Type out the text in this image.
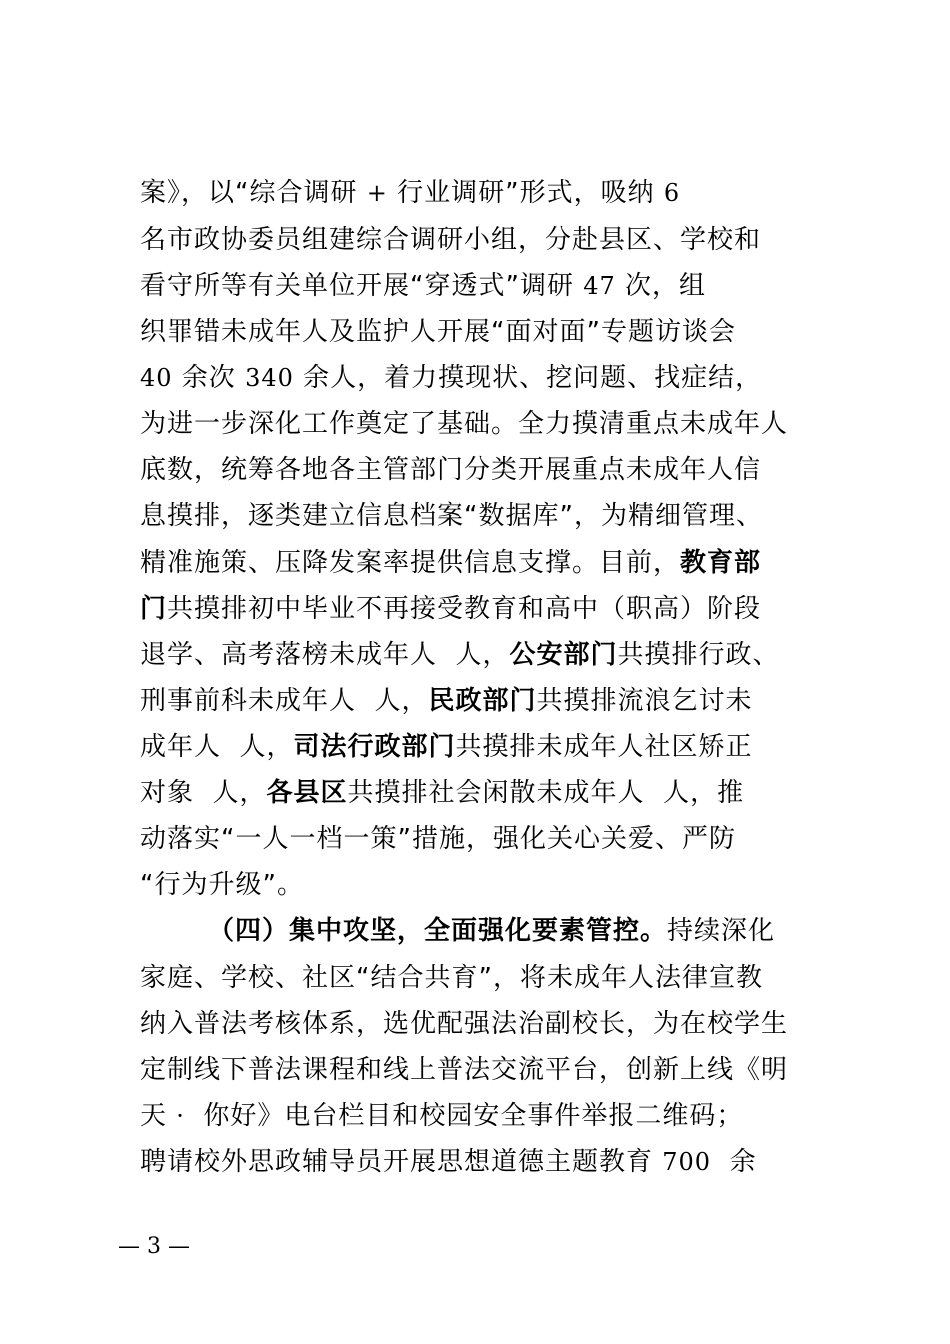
案》，以“综合调研 + 行业调研”形式，吸纳 6
名市政协委员组建综合调研小组，分赴县区、学校和
看守所等有关单位开展“穿透式”调研 47 次，组
织罪错未成年人及监护人开展“面对面”专题访谈会
40 余次 340 余人，着力摸现状、挖问题、找症结，
为进一步深化工作奠定了基础。全力摸清重点未成年人
底数，统筹各地各主管部门分类开展重点未成年人信
息摸排，逐类建立信息档案“数据库”，为精细管理、
精准施策、压降发案率提供信息支撑。目前，教育部
门共摸排初中毕业不再接受教育和高中（职高）阶段
退学、高考落榜未成年人  人，公安部门共摸排行政、
刑事前科未成年人  人，民政部门共摸排流浪乞讨未
成年人  人，司法行政部门共摸排未成年人社区矫正
对象  人，各县区共摸排社会闲散未成年人  人，推
动落实“一人一档一策”措施，强化关心关爱、严防
“行为升级”。
（四）集中攻坚，全面强化要素管控。持续深化
家庭、学校、社区“结合共育”，将未成年人法律宣教
纳入普法考核体系，选优配强法治副校长，为在校学生
定制线下普法课程和线上普法交流平台，创新上线《明
天 ·  你好》电台栏目和校园安全事件举报二维码；
聘请校外思政辅导员开展思想道德主题教育 700  余
— 3 —
